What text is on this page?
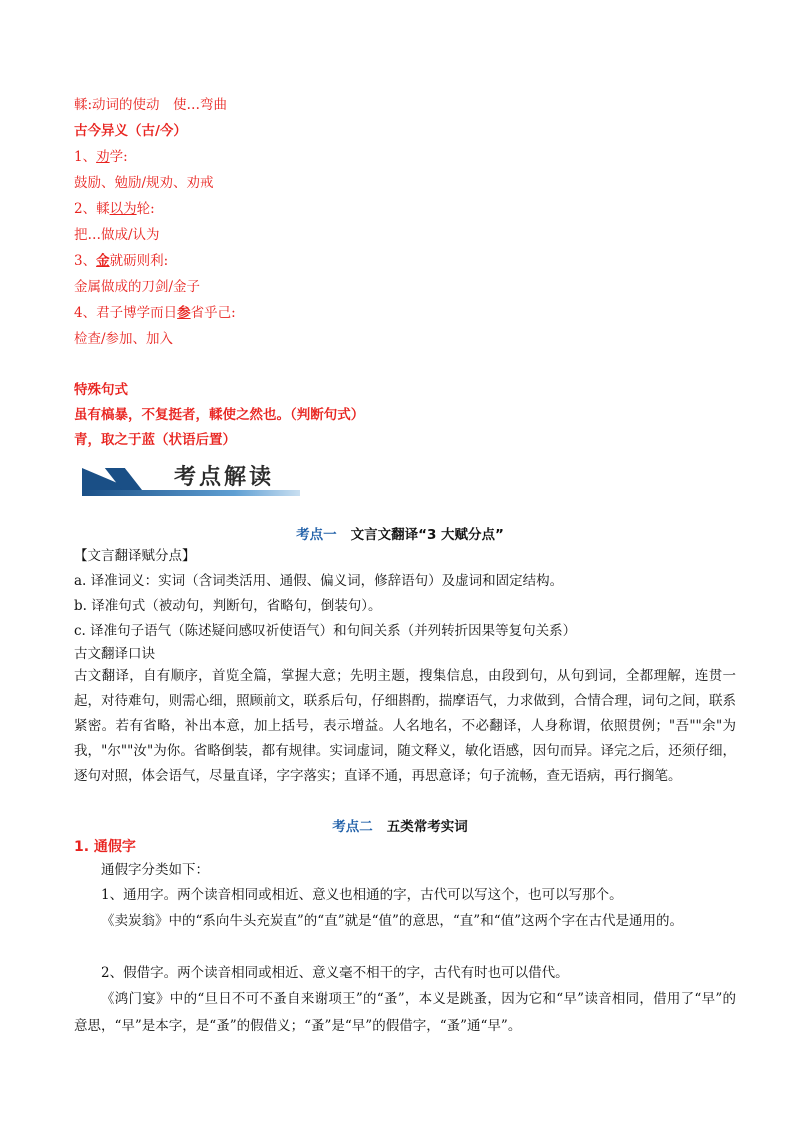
輮:动词的使动　使…弯曲
古今异义（古/今）
1、劝学:
鼓励、勉励/规劝、劝戒
2、輮以为轮:
把…做成/认为
3、金就砺则利:
金属做成的刀剑/金子
4、君子博学而日参省乎己:
检查/参加、加入
特殊句式
虽有槁暴，不复挺者，輮使之然也。（判断句式）
青，取之于蓝（状语后置）
考点解读
考点一 文言文翻译“3 大赋分点”
【文言翻译赋分点】
a. 译准词义：实词（含词类活用、通假、偏义词，修辞语句）及虚词和固定结构。
b. 译准句式（被动句，判断句，省略句，倒装句）。
c. 译准句子语气（陈述疑问感叹祈使语气）和句间关系（并列转折因果等复句关系）
古文翻译口诀
古文翻译，自有顺序，首览全篇，掌握大意；先明主题，搜集信息，由段到句，从句到词，全都理解，连贯一起，对待难句，则需心细，照顾前文，联系后句，仔细斟酌，揣摩语气，力求做到，合情合理，词句之间，联系紧密。若有省略，补出本意，加上括号，表示增益。人名地名，不必翻译，人身称谓，依照贯例；"吾""余"为我，"尔""汝"为你。省略倒装，都有规律。实词虚词，随文释义，敏化语感，因句而异。译完之后，还须仔细，逐句对照，体会语气，尽量直译，字字落实；直译不通，再思意译；句子流畅，查无语病，再行搁笔。
考点二 五类常考实词
1. 通假字
通假字分类如下：
1、通用字。两个读音相同或相近、意义也相通的字，古代可以写这个，也可以写那个。
《卖炭翁》中的“系向牛头充炭直”的“直”就是“值”的意思，“直”和“值”这两个字在古代是通用的。
2、假借字。两个读音相同或相近、意义毫不相干的字，古代有时也可以借代。
《鸿门宴》中的“旦日不可不蚤自来谢项王”的“蚤”，本义是跳蚤，因为它和“早”读音相同，借用了“早”的意思，“早”是本字，是“蚤”的假借义；“蚤”是“早”的假借字，“蚤”通“早”。
